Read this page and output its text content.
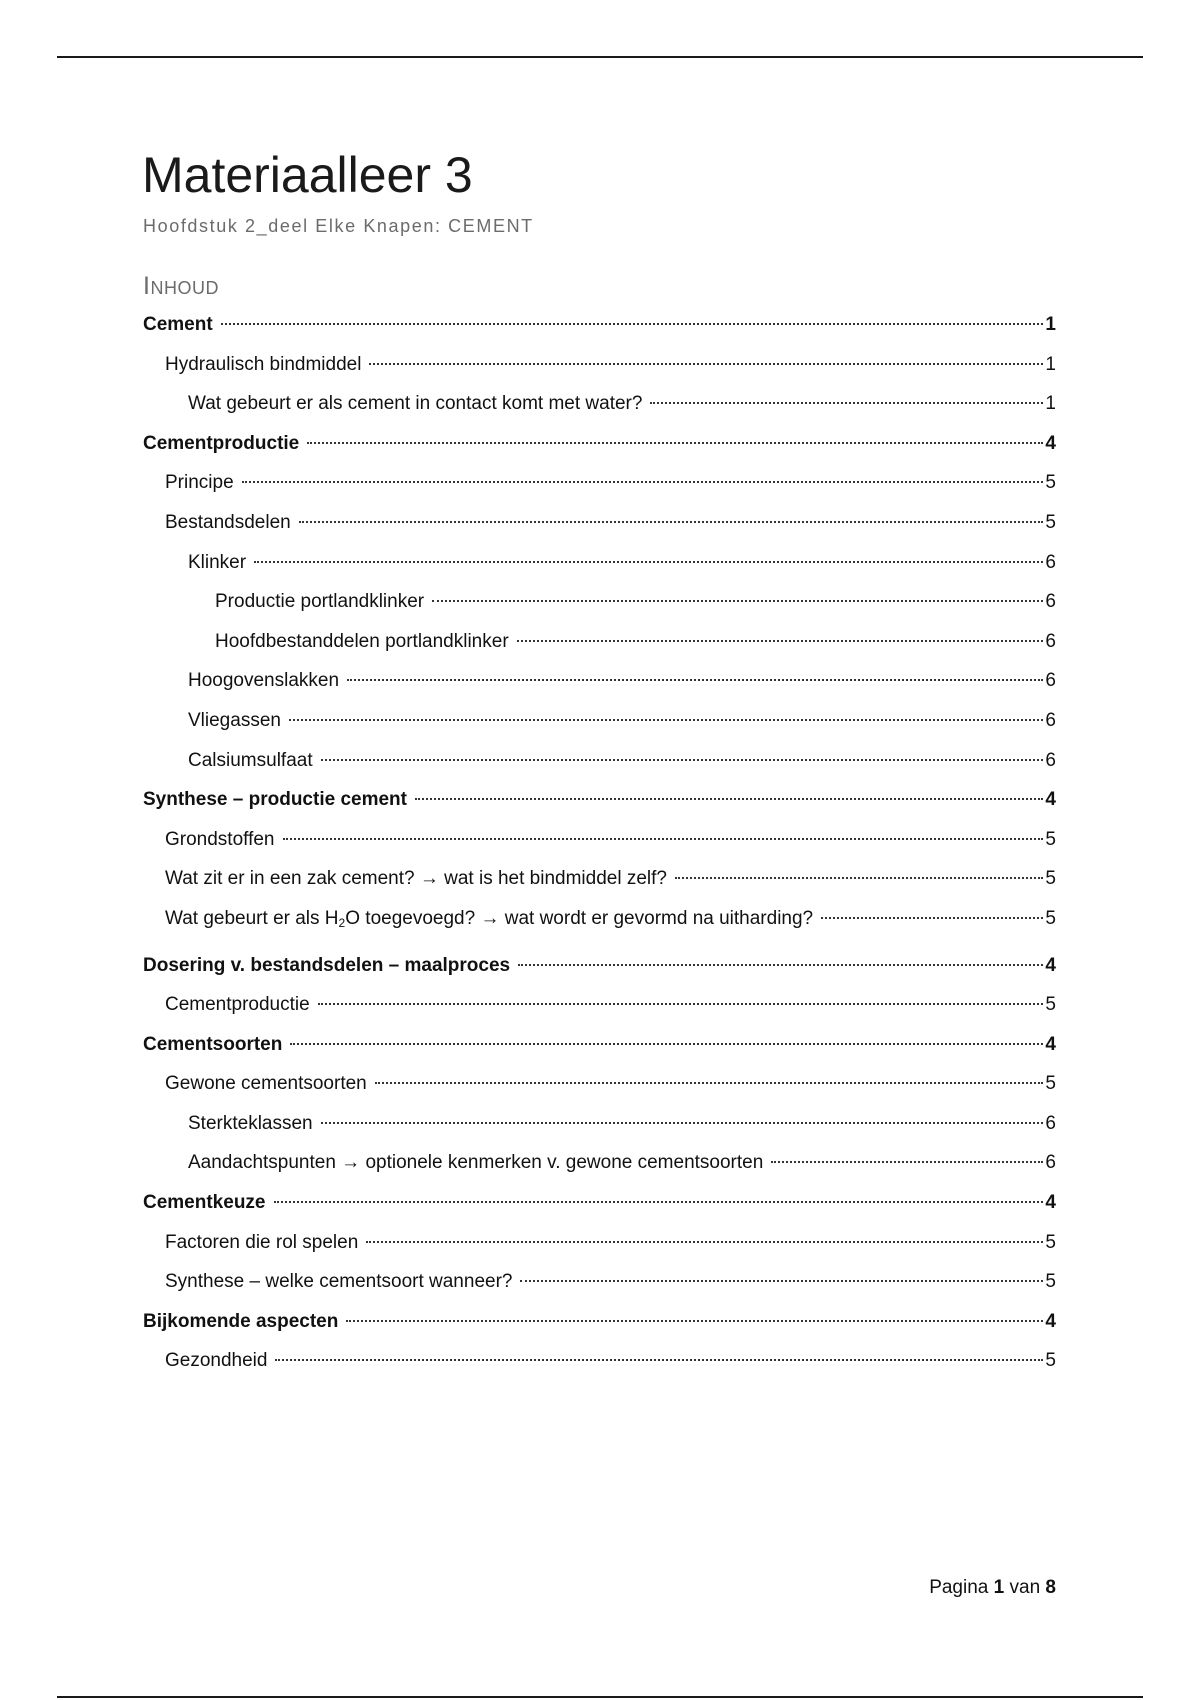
Materiaalleer 3

Hoofdstuk 2_deel Elke Knapen: CEMENT

Inhoud
Cement	1
Hydraulisch bindmiddel	1
Wat gebeurt er als cement in contact komt met water?	1
Cementproductie	4
Principe	5
Bestandsdelen	5
Klinker	6
Productie portlandklinker	6
Hoofdbestanddelen portlandklinker	6
Hoogovenslakken	6
Vliegassen	6
Calsiumsulfaat	6
Synthese – productie cement	4
Grondstoffen	5
Wat zit er in een zak cement? → wat is het bindmiddel zelf?	5
Wat gebeurt er als $H_2O$ toegevoegd? → wat wordt er gevormd na uitharding?	5
Dosering v. bestandsdelen – maalproces	4
Cementproductie	5
Cementsoorten	4
Gewone cementsoorten	5
Sterkteklassen	6
Aandachtspunten → optionele kenmerken v. gewone cementsoorten	6
Cementkeuze	4
Factoren die rol spelen	5
Synthese – welke cementsoort wanneer?	5
Bijkomende aspecten	4
Gezondheid	5
Pagina 1 van 8
